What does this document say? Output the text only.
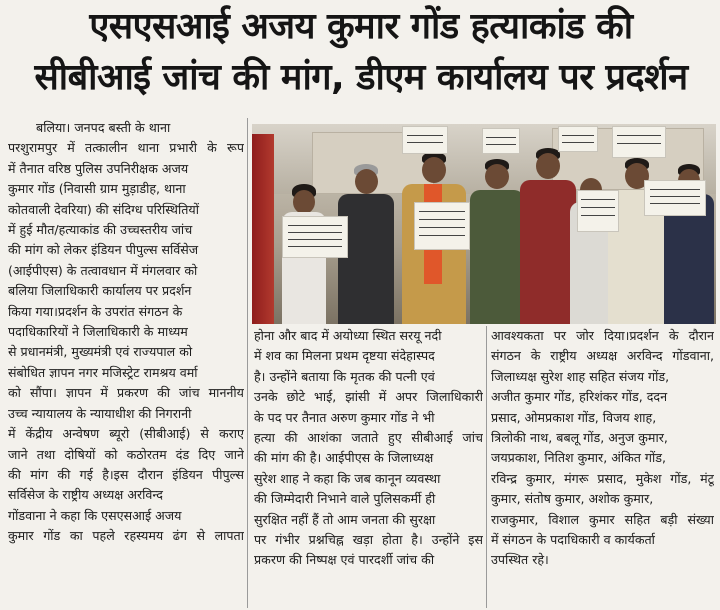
एसएसआई अजय कुमार गोंड हत्याकांड की
सीबीआई जांच की मांग, डीएम कार्यालय पर प्रदर्शन
बलिया। जनपद बस्ती के थाना
परशुरामपुर में तत्कालीन थाना प्रभारी के रूप
में तैनात वरिष्ठ पुलिस उपनिरीक्षक अजय
कुमार गोंड (निवासी ग्राम मुड़ाडीह, थाना
कोतवाली देवरिया) की संदिग्ध परिस्थितियों
में हुई मौत/हत्याकांड की उच्चस्तरीय जांच
की मांग को लेकर इंडियन पीपुल्स सर्विसेज
(आईपीएस) के तत्वावधान में मंगलवार को
बलिया जिलाधिकारी कार्यालय पर प्रदर्शन
किया गया।प्रदर्शन के उपरांत संगठन के
पदाधिकारियों ने जिलाधिकारी के माध्यम
से प्रधानमंत्री, मुख्यमंत्री एवं राज्यपाल को
संबोधित ज्ञापन नगर मजिस्ट्रेट रामश्रय वर्मा
को सौंपा। ज्ञापन में प्रकरण की जांच माननीय
उच्च न्यायालय के न्यायाधीश की निगरानी
में केंद्रीय अन्वेषण ब्यूरो (सीबीआई) से कराए
जाने तथा दोषियों को कठोरतम दंड दिए जाने
की मांग की गई है।इस दौरान इंडियन पीपुल्स
सर्विसेज के राष्ट्रीय अध्यक्ष अरविन्द
गोंडवाना ने कहा कि एसएसआई अजय
कुमार गोंड का पहले रहस्यमय ढंग से लापता
होना और बाद में अयोध्या स्थित सरयू नदी
में शव का मिलना प्रथम दृष्टया संदेहास्पद
है। उन्होंने बताया कि मृतक की पत्नी एवं
उनके छोटे भाई, झांसी में अपर जिलाधिकारी
के पद पर तैनात अरुण कुमार गोंड ने भी
हत्या की आशंका जताते हुए सीबीआई जांच
की मांग की है। आईपीएस के जिलाध्यक्ष
सुरेश शाह ने कहा कि जब कानून व्यवस्था
की जिम्मेदारी निभाने वाले पुलिसकर्मी ही
सुरक्षित नहीं हैं तो आम जनता की सुरक्षा
पर गंभीर प्रश्नचिह्न खड़ा होता है। उन्होंने इस
प्रकरण की निष्पक्ष एवं पारदर्शी जांच की
आवश्यकता पर जोर दिया।प्रदर्शन के दौरान
संगठन के राष्ट्रीय अध्यक्ष अरविन्द गोंडवाना,
जिलाध्यक्ष सुरेश शाह सहित संजय गोंड,
अजीत कुमार गोंड, हरिशंकर गोंड, ददन
प्रसाद, ओमप्रकाश गोंड, विजय शाह,
त्रिलोकी नाथ, बबलू गोंड, अनुज कुमार,
जयप्रकाश, नितिश कुमार, अंकित गोंड,
रविन्द्र कुमार, मंगरू प्रसाद, मुकेश गोंड, मंटू
कुमार, संतोष कुमार, अशोक कुमार,
राजकुमार, विशाल कुमार सहित बड़ी संख्या
में संगठन के पदाधिकारी व कार्यकर्ता
उपस्थित रहे।
